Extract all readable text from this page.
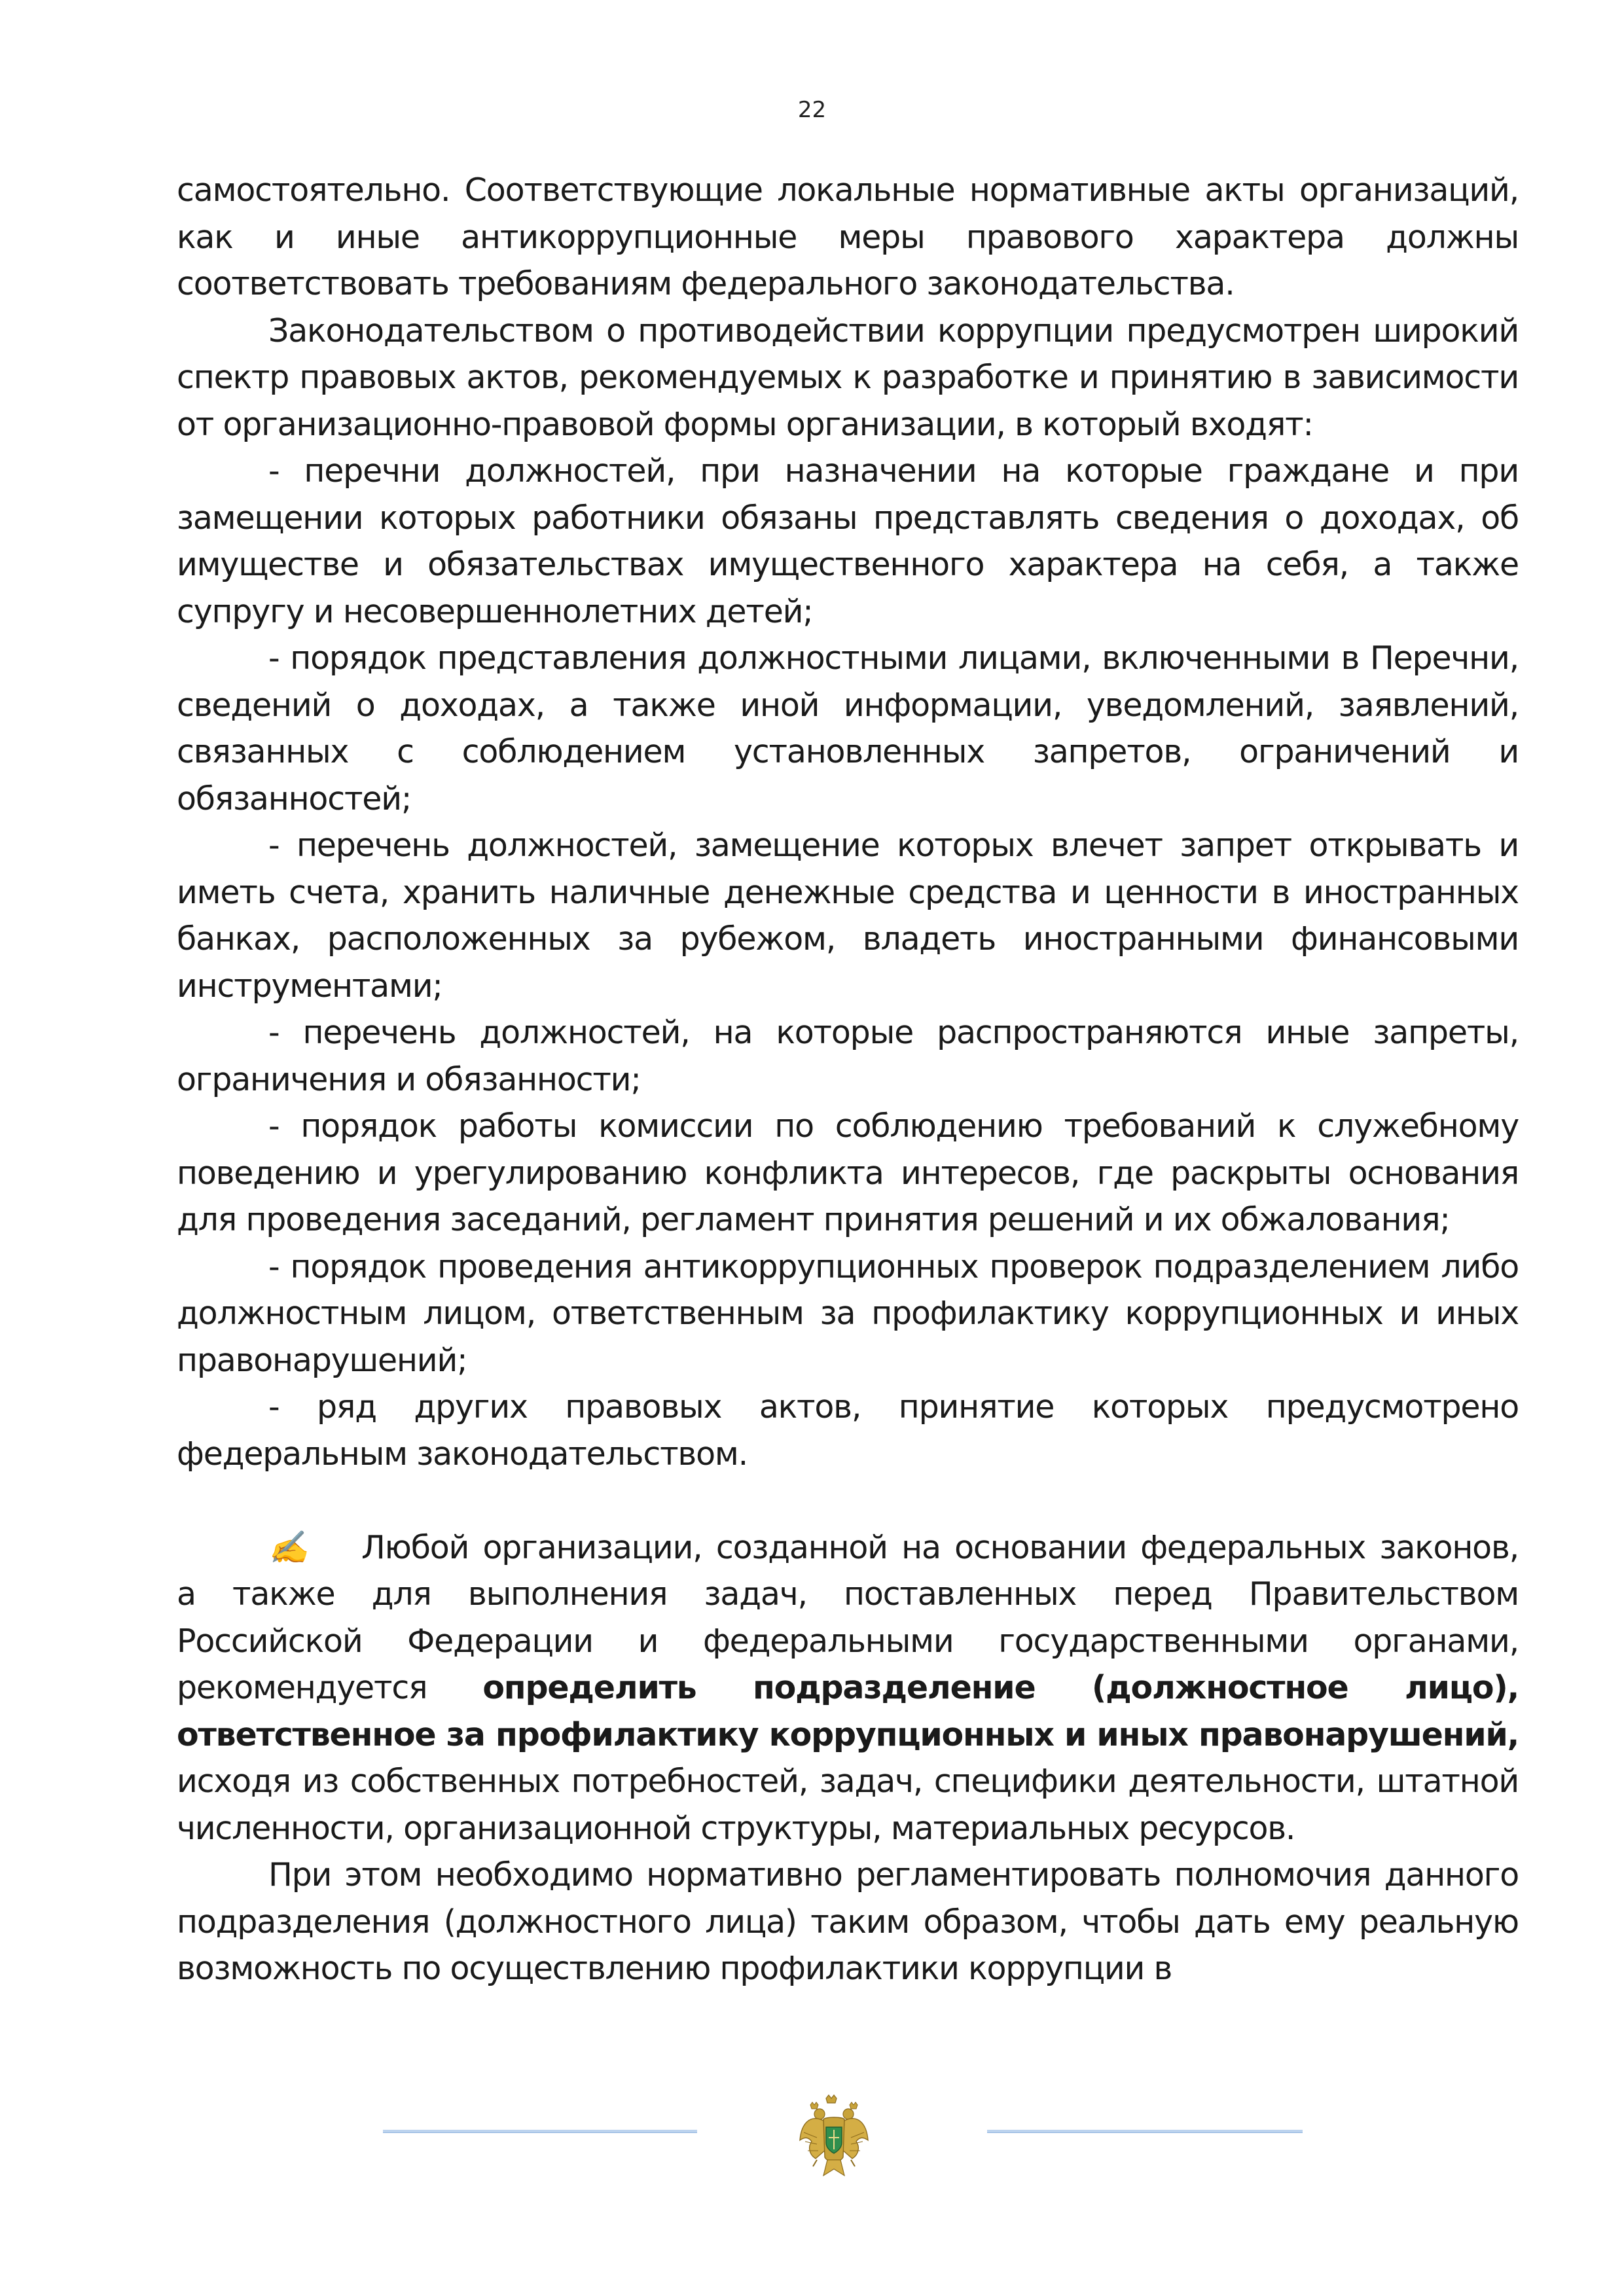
22

самостоятельно. Соответствующие локальные нормативные акты организаций, как и иные антикоррупционные меры правового характера должны соответствовать требованиям федерального законодательства.

Законодательством о противодействии коррупции предусмотрен широкий спектр правовых актов, рекомендуемых к разработке и принятию в зависимости от организационно-правовой формы организации, в который входят:

- перечни должностей, при назначении на которые граждане и при замещении которых работники обязаны представлять сведения о доходах, об имуществе и обязательствах имущественного характера на себя, а также супругу и несовершеннолетних детей;

- порядок представления должностными лицами, включенными в Перечни, сведений о доходах, а также иной информации, уведомлений, заявлений, связанных с соблюдением установленных запретов, ограничений и обязанностей;

- перечень должностей, замещение которых влечет запрет открывать и иметь счета, хранить наличные денежные средства и ценности в иностранных банках, расположенных за рубежом, владеть иностранными финансовыми инструментами;

- перечень должностей, на которые распространяются иные запреты, ограничения и обязанности;

- порядок работы комиссии по соблюдению требований к служебному поведению и урегулированию конфликта интересов, где раскрыты основания для проведения заседаний, регламент принятия решений и их обжалования;

- порядок проведения антикоррупционных проверок подразделением либо должностным лицом, ответственным за профилактику коррупционных и иных правонарушений;

- ряд других правовых актов, принятие которых предусмотрено федеральным законодательством.

✍ Любой организации, созданной на основании федеральных законов, а также для выполнения задач, поставленных перед Правительством Российской Федерации и федеральными государственными органами, рекомендуется определить подразделение (должностное лицо), ответственное за профилактику коррупционных и иных правонарушений, исходя из собственных потребностей, задач, специфики деятельности, штатной численности, организационной структуры, материальных ресурсов.

При этом необходимо нормативно регламентировать полномочия данного подразделения (должностного лица) таким образом, чтобы дать ему реальную возможность по осуществлению профилактики коррупции в
